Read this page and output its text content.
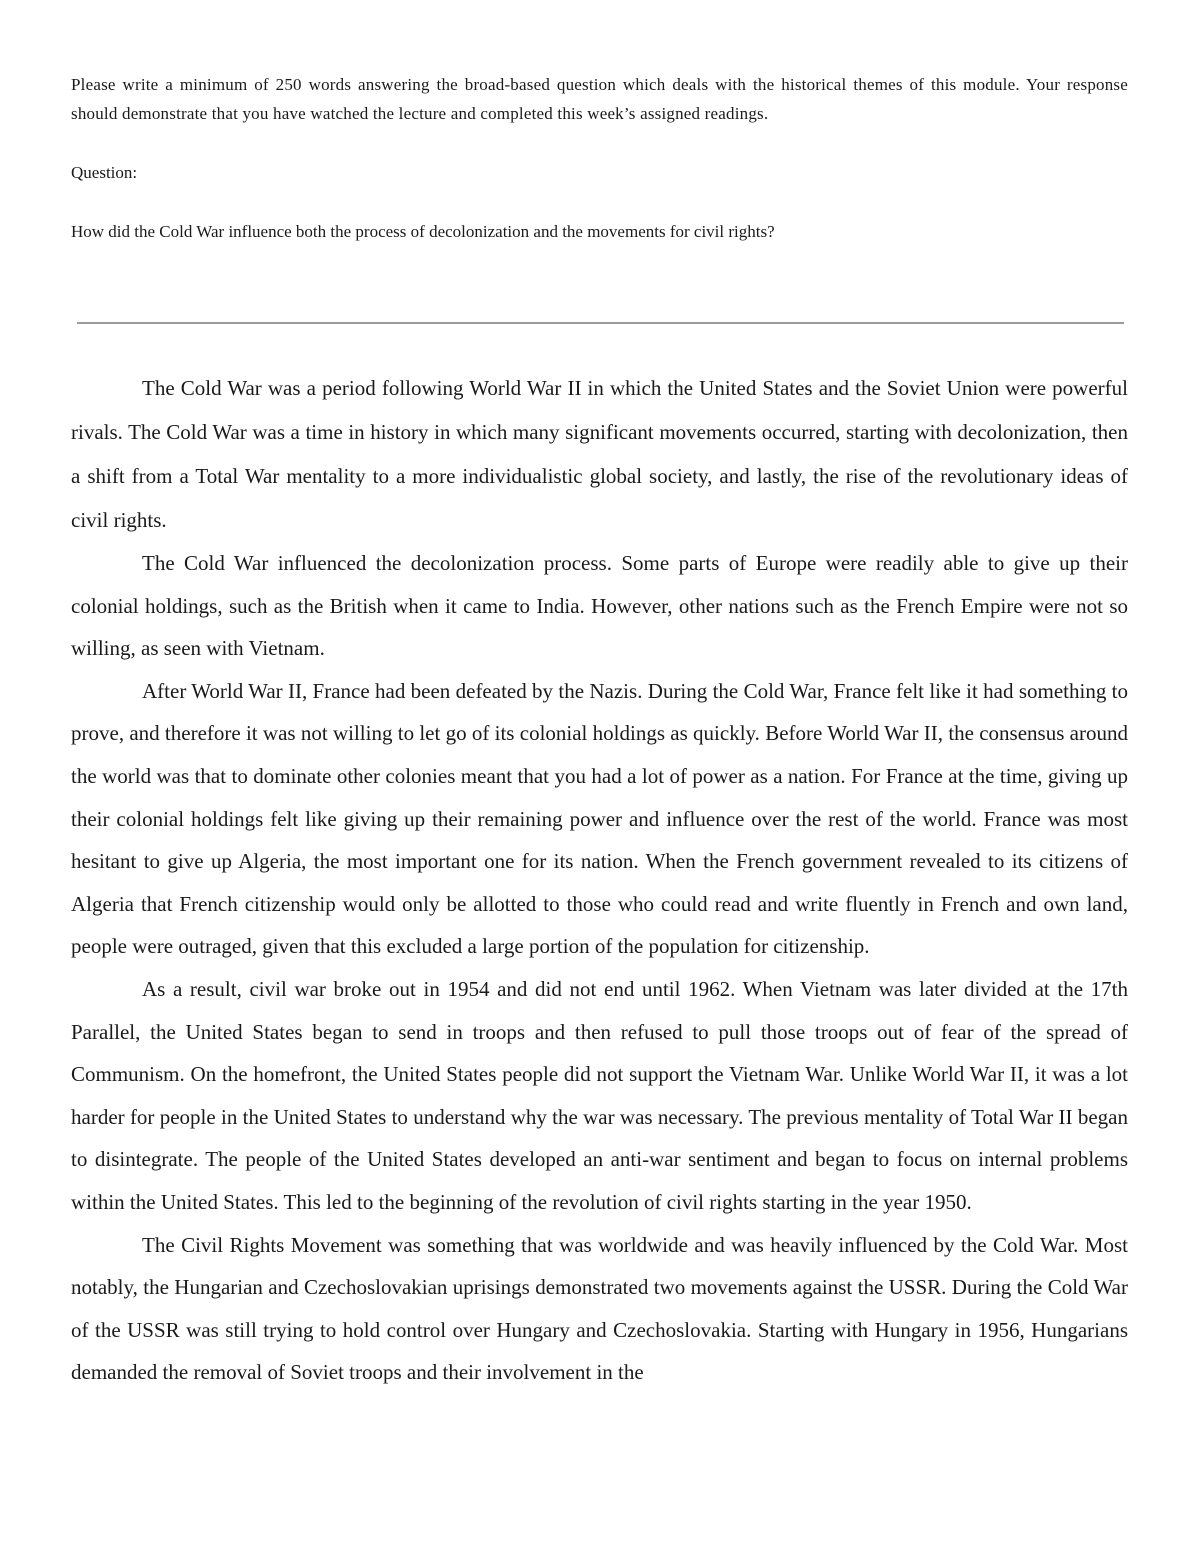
Please write a minimum of 250 words answering the broad-based question which deals with the historical themes of this module. Your response should demonstrate that you have watched the lecture and completed this week’s assigned readings.

Question:

How did the Cold War influence both the process of decolonization and the movements for civil rights?

The Cold War was a period following World War II in which the United States and the Soviet Union were powerful rivals. The Cold War was a time in history in which many significant movements occurred, starting with decolonization, then a shift from a Total War mentality to a more individualistic global society, and lastly, the rise of the revolutionary ideas of civil rights.

The Cold War influenced the decolonization process. Some parts of Europe were readily able to give up their colonial holdings, such as the British when it came to India. However, other nations such as the French Empire were not so willing, as seen with Vietnam.

After World War II, France had been defeated by the Nazis. During the Cold War, France felt like it had something to prove, and therefore it was not willing to let go of its colonial holdings as quickly. Before World War II, the consensus around the world was that to dominate other colonies meant that you had a lot of power as a nation. For France at the time, giving up their colonial holdings felt like giving up their remaining power and influence over the rest of the world. France was most hesitant to give up Algeria, the most important one for its nation. When the French government revealed to its citizens of Algeria that French citizenship would only be allotted to those who could read and write fluently in French and own land, people were outraged, given that this excluded a large portion of the population for citizenship.

As a result, civil war broke out in 1954 and did not end until 1962. When Vietnam was later divided at the 17th Parallel, the United States began to send in troops and then refused to pull those troops out of fear of the spread of Communism. On the homefront, the United States people did not support the Vietnam War. Unlike World War II, it was a lot harder for people in the United States to understand why the war was necessary. The previous mentality of Total War II began to disintegrate. The people of the United States developed an anti-war sentiment and began to focus on internal problems within the United States. This led to the beginning of the revolution of civil rights starting in the year 1950.

The Civil Rights Movement was something that was worldwide and was heavily influenced by the Cold War. Most notably, the Hungarian and Czechoslovakian uprisings demonstrated two movements against the USSR. During the Cold War of the USSR was still trying to hold control over Hungary and Czechoslovakia. Starting with Hungary in 1956, Hungarians demanded the removal of Soviet troops and their involvement in the
